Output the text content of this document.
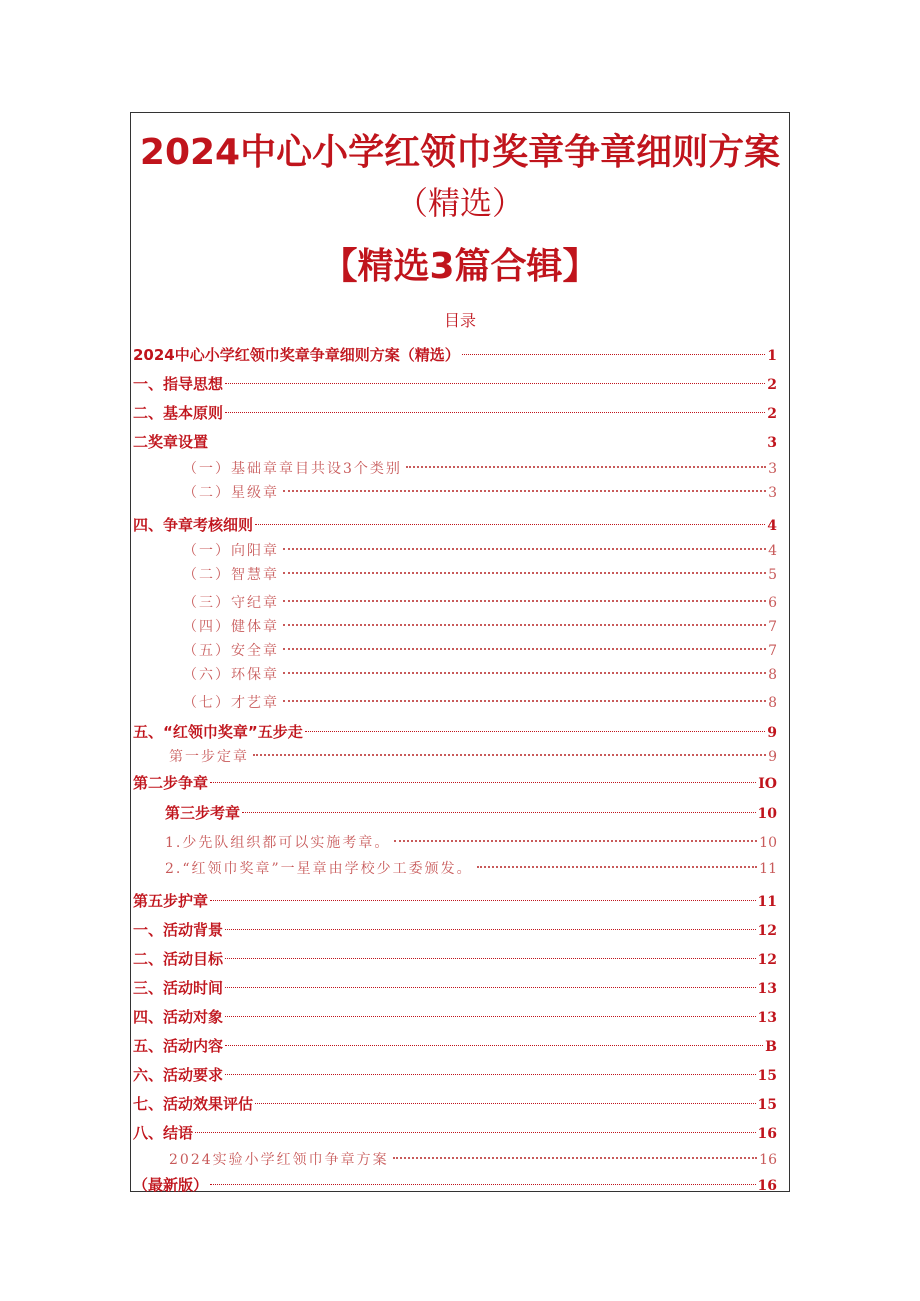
2024中心小学红领巾奖章争章细则方案
（精选）
【精选3篇合辑】
目录
2024中心小学红领巾奖章争章细则方案（精选）	1
一、指导思想	2
二、基本原则	2
二奖章设置	3
（一）基础章章目共设3个类别	3
（二）星级章	3
四、争章考核细则	4
（一）向阳章	4
（二）智慧章	5
（三）守纪章	6
（四）健体章	7
（五）安全章	7
（六）环保章	8
（七）才艺章	8
五、“红领巾奖章”五步走	9
第一步定章	9
第二步争章	IO
第三步考章	10
1.少先队组织都可以实施考章。	10
2.“红领巾奖章”一星章由学校少工委颁发。	11
第五步护章	11
一、活动背景	12
二、活动目标	12
三、活动时间	13
四、活动对象	13
五、活动内容	B
六、活动要求	15
七、活动效果评估	15
八、结语	16
2024实验小学红领巾争章方案	16
（最新版）	16
